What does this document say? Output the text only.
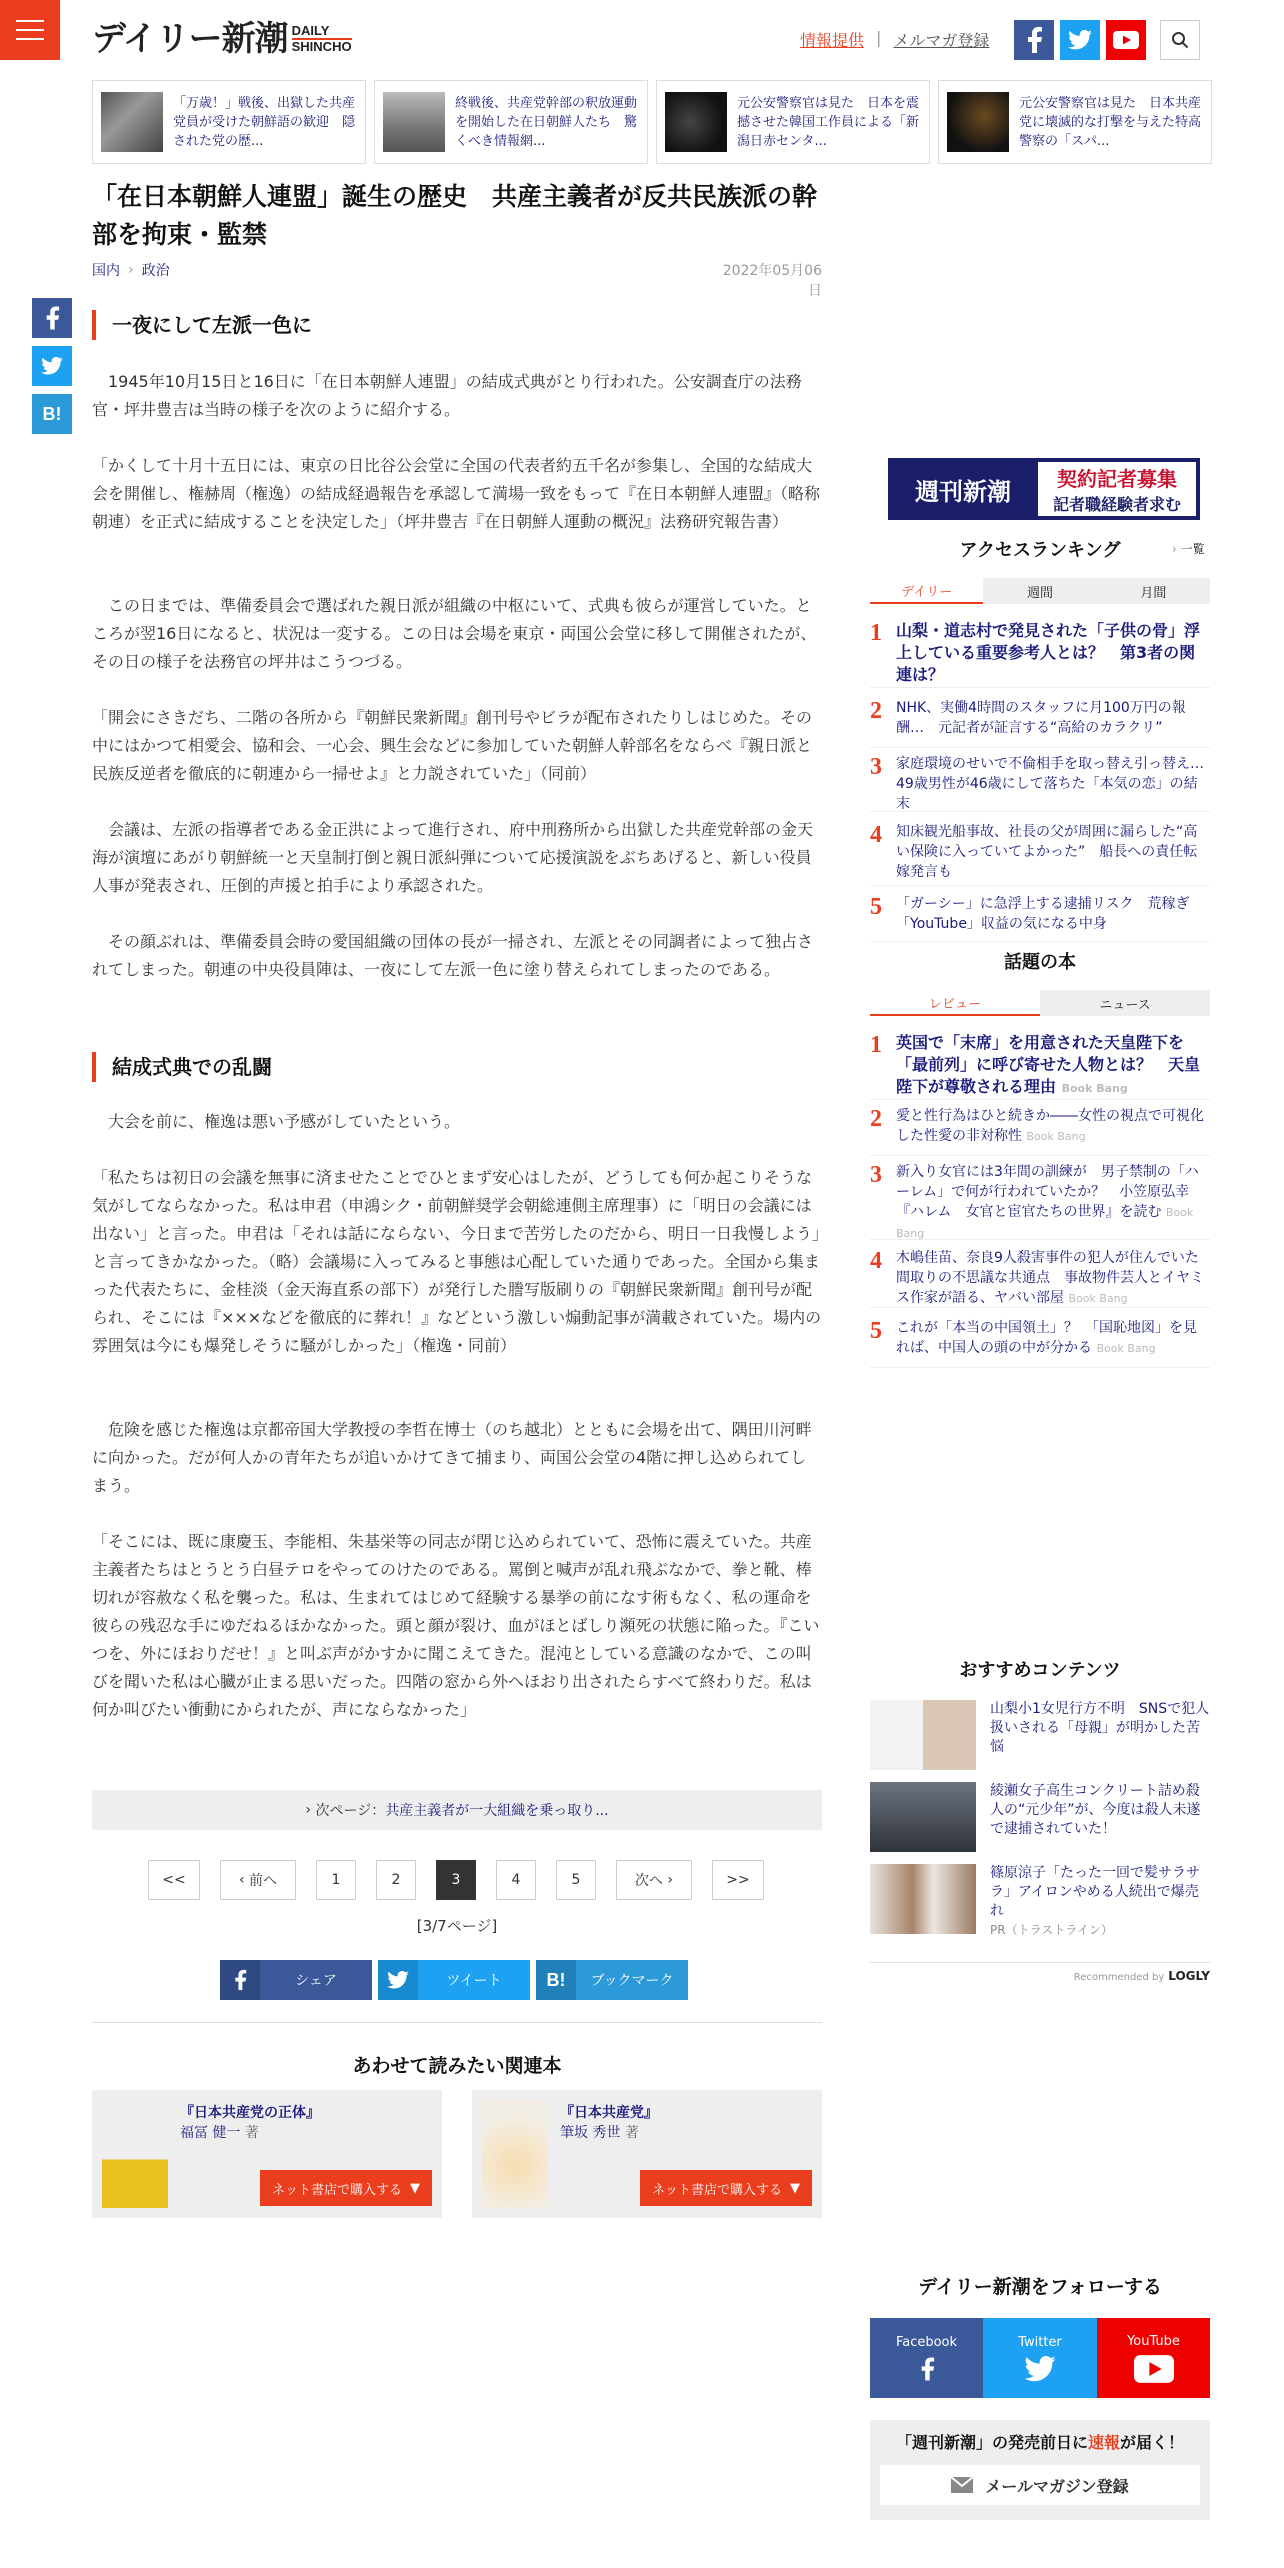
デイリー新潮 DAILY
SHINCHO	情報提供 | メルマガ登録
「万歳！」戦後、出獄した共産党員が受けた朝鮮語の歓迎　隠された党の歴...
終戦後、共産党幹部の釈放運動を開始した在日朝鮮人たち　驚くべき情報網...
元公安警察官は見た　日本を震撼させた韓国工作員による「新潟日赤センタ...
元公安警察官は見た　日本共産党に壊滅的な打撃を与えた特高警察の「スパ...
「在日本朝鮮人連盟」誕生の歴史　共産主義者が反共民族派の幹部を拘束・監禁
国内 › 政治	2022年05月06日
B!
一夜にして左派一色に

　1945年10月15日と16日に「在日本朝鮮人連盟」の結成式典がとり行われた。公安調査庁の法務官・坪井豊吉は当時の様子を次のように紹介する。

「かくして十月十五日には、東京の日比谷公会堂に全国の代表者約五千名が参集し、全国的な結成大会を開催し、権赫周（権逸）の結成経過報告を承認して満場一致をもって『在日本朝鮮人連盟』（略称朝連）を正式に結成することを決定した」（坪井豊吉『在日朝鮮人運動の概況』法務研究報告書）

　この日までは、準備委員会で選ばれた親日派が組織の中枢にいて、式典も彼らが運営していた。ところが翌16日になると、状況は一変する。この日は会場を東京・両国公会堂に移して開催されたが、その日の様子を法務官の坪井はこうつづる。

「開会にさきだち、二階の各所から『朝鮮民衆新聞』創刊号やビラが配布されたりしはじめた。その中にはかつて相愛会、協和会、一心会、興生会などに参加していた朝鮮人幹部名をならべ『親日派と民族反逆者を徹底的に朝連から一掃せよ』と力説されていた」（同前）

　会議は、左派の指導者である金正洪によって進行され、府中刑務所から出獄した共産党幹部の金天海が演壇にあがり朝鮮統一と天皇制打倒と親日派糾弾について応援演説をぶちあげると、新しい役員人事が発表され、圧倒的声援と拍手により承認された。

　その顔ぶれは、準備委員会時の愛国組織の団体の長が一掃され、左派とその同調者によって独占されてしまった。朝連の中央役員陣は、一夜にして左派一色に塗り替えられてしまったのである。

結成式典での乱闘

　大会を前に、権逸は悪い予感がしていたという。

「私たちは初日の会議を無事に済ませたことでひとまず安心はしたが、どうしても何か起こりそうな気がしてならなかった。私は申君（申鴻シク・前朝鮮奨学会朝総連側主席理事）に「明日の会議には出ない」と言った。申君は「それは話にならない、今日まで苦労したのだから、明日一日我慢しよう」と言ってきかなかった。（略）会議場に入ってみると事態は心配していた通りであった。全国から集まった代表たちに、金桂淡（金天海直系の部下）が発行した謄写版刷りの『朝鮮民衆新聞』創刊号が配られ、そこには『×××などを徹底的に葬れ！』などという激しい煽動記事が満載されていた。場内の雰囲気は今にも爆発しそうに騒がしかった」（権逸・同前）

　危険を感じた権逸は京都帝国大学教授の李哲在博士（のち越北）とともに会場を出て、隅田川河畔に向かった。だが何人かの青年たちが追いかけてきて捕まり、両国公会堂の4階に押し込められてしまう。

「そこには、既に康慶玉、李能相、朱基栄等の同志が閉じ込められていて、恐怖に震えていた。共産主義者たちはとうとう白昼テロをやってのけたのである。罵倒と喊声が乱れ飛ぶなかで、拳と靴、棒切れが容赦なく私を襲った。私は、生まれてはじめて経験する暴挙の前になす術もなく、私の運命を彼らの残忍な手にゆだねるほかなかった。頭と顔が裂け、血がほとばしり瀕死の状態に陥った。『こいつを、外にほおりだせ！』と叫ぶ声がかすかに聞こえてきた。混沌としている意識のなかで、この叫びを聞いた私は心臓が止まる思いだった。四階の窓から外へほおり出されたらすべて終わりだ。私は何か叫びたい衝動にかられたが、声にならなかった」

› 次ページ： 共産主義者が一大組織を乗っ取り...
<<	‹ 前へ	1	2	3	4	5	次へ ›	>>
[3/7ページ]
シェア	ツイート	B!	ブックマーク
あわせて読みたい関連本
『日本共産党の正体』
福冨 健一 著
ネット書店で購入する ▼
『日本共産党』
筆坂 秀世 著
ネット書店で購入する ▼
週刊新潮	契約記者募集
記者職経験者求む
アクセスランキング	› 一覧
デイリー	週間	月間
1 山梨・道志村で発見された「子供の骨」浮上している重要参考人とは？　第3者の関連は？
2 NHK、実働4時間のスタッフに月100万円の報酬…　元記者が証言する“高給のカラクリ”
3 家庭環境のせいで不倫相手を取っ替え引っ替え…49歳男性が46歳にして落ちた「本気の恋」の結末
4 知床観光船事故、社長の父が周囲に漏らした“高い保険に入っていてよかった”　船長への責任転嫁発言も
5 「ガーシー」に急浮上する逮捕リスク　荒稼ぎ「YouTube」収益の気になる中身
話題の本
レビュー	ニュース
1 英国で「末席」を用意された天皇陛下を「最前列」に呼び寄せた人物とは？　天皇陛下が尊敬される理由 Book Bang
2 愛と性行為はひと続きか――女性の視点で可視化した性愛の非対称性 Book Bang
3 新入り女官には3年間の訓練が　男子禁制の「ハーレム」で何が行われていたか？　小笠原弘幸『ハレム　女官と宦官たちの世界』を読む Book Bang
4 木嶋佳苗、奈良9人殺害事件の犯人が住んでいた間取りの不思議な共通点　事故物件芸人とイヤミス作家が語る、ヤバい部屋 Book Bang
5 これが「本当の中国領土」？　「国恥地図」を見れば、中国人の頭の中が分かる Book Bang
おすすめコンテンツ
山梨小1女児行方不明　SNSで犯人扱いされる「母親」が明かした苦悩
綾瀬女子高生コンクリート詰め殺人の“元少年”が、今度は殺人未遂で逮捕されていた！
篠原涼子「たった一回で髪サラサラ」アイロンやめる人続出で爆売れ
PR（トラストライン）
Recommended by LOGLY
デイリー新潮をフォローする
Facebook	Twitter	YouTube
「週刊新潮」の発売前日に速報が届く！
メールマガジン登録
